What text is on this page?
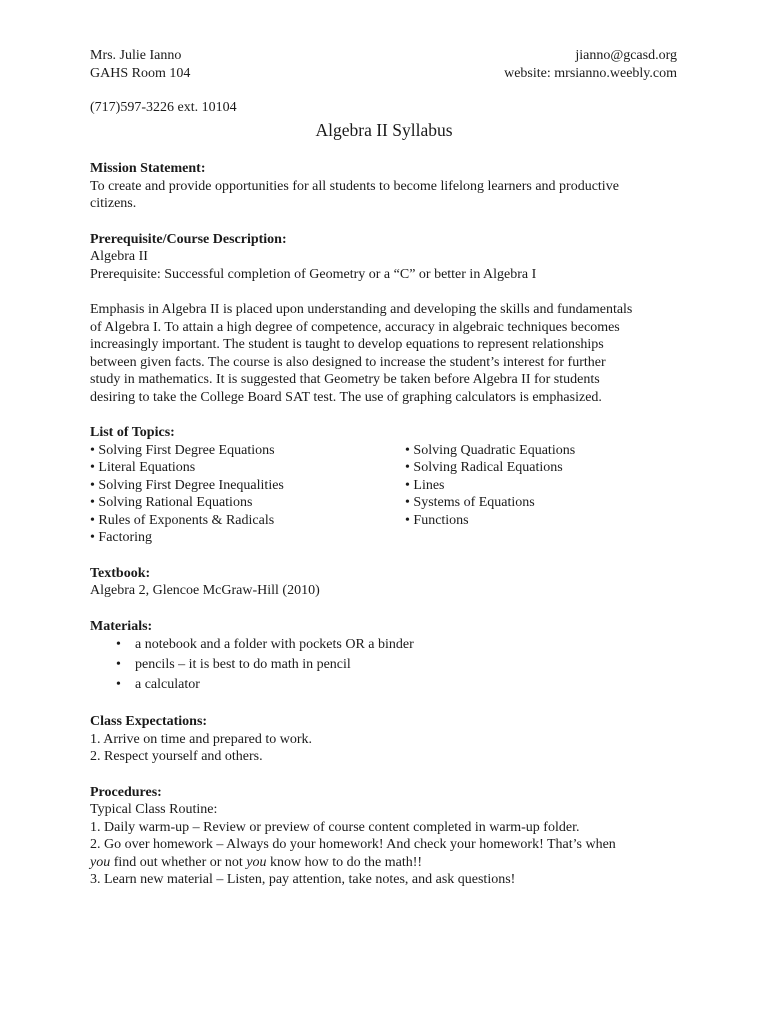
Mrs. Julie Ianno	jianno@gcasd.org
GAHS Room 104	website: mrsianno.weebly.com
(717)597-3226 ext. 10104
Algebra II Syllabus

Mission Statement:

To create and provide opportunities for all students to become lifelong learners and productive

citizens.

Prerequisite/Course Description:

Algebra II

Prerequisite: Successful completion of Geometry or a “C” or better in Algebra I

Emphasis in Algebra II is placed upon understanding and developing the skills and fundamentals

of Algebra I. To attain a high degree of competence, accuracy in algebraic techniques becomes

increasingly important. The student is taught to develop equations to represent relationships

between given facts. The course is also designed to increase the student’s interest for further

study in mathematics. It is suggested that Geometry be taken before Algebra II for students

desiring to take the College Board SAT test. The use of graphing calculators is emphasized.

List of Topics:

• Solving First Degree Equations

• Literal Equations

• Solving First Degree Inequalities

• Solving Rational Equations

• Rules of Exponents & Radicals

• Factoring

• Solving Quadratic Equations

• Solving Radical Equations

• Lines

• Systems of Equations

• Functions

Textbook:

Algebra 2, Glencoe McGraw-Hill (2010)

Materials:

• a notebook and a folder with pockets OR a binder
• pencils – it is best to do math in pencil
• a calculator

Class Expectations:

1. Arrive on time and prepared to work.

2. Respect yourself and others.

Procedures:

Typical Class Routine:

1. Daily warm-up – Review or preview of course content completed in warm-up folder.

2. Go over homework – Always do your homework! And check your homework! That’s when

you find out whether or not you know how to do the math!!

3. Learn new material – Listen, pay attention, take notes, and ask questions!
